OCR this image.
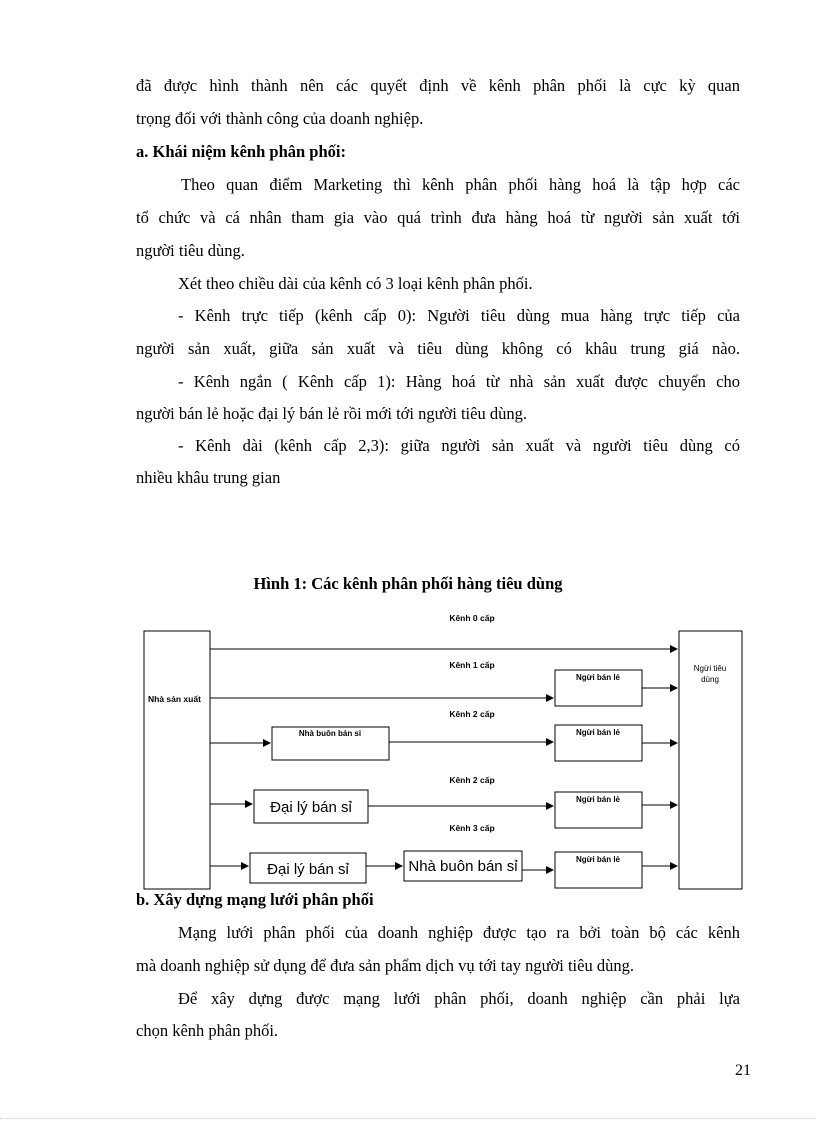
đã được hình thành nên các quyết định về kênh phân phối là cực kỳ quan

trọng đối với thành công của doanh nghiệp.

a. Khái niệm kênh phân phối:

Theo quan điểm Marketing thì kênh phân phối hàng hoá là tập hợp các

tổ chức và cá nhân tham gia vào quá trình đưa hàng hoá từ người sản xuất tới

người tiêu dùng.

Xét theo chiều dài của kênh có 3 loại kênh phân phối.

- Kênh trực tiếp (kênh cấp 0): Người tiêu dùng mua hàng trực tiếp của

người sản xuất, giữa sản xuất và tiêu dùng không có khâu trung giá nào.

- Kênh ngắn ( Kênh cấp 1): Hàng hoá từ nhà sản xuất được chuyển cho

người bán lẻ hoặc đại lý bán lẻ rồi mới tới người tiêu dùng.

- Kênh dài (kênh cấp 2,3): giữa người sản xuất và người tiêu dùng có

nhiều khâu trung gian

Hình 1: Các kênh phân phối hàng tiêu dùng
Nhà sản xuất
Ngừi tiêu
dùng
Kênh 0 cấp
Kênh 1 cấp
Kênh 2 cấp
Kênh 2 cấp
Kênh 3 cấp
Ngừi bán lẻ
Nhà buôn bán sỉ	Ngừi bán lẻ
Đại lý bán sỉ	Ngừi bán lẻ
Đại lý bán sỉ	Nhà buôn bán sỉ	Ngừi bán lẻ

b. Xây dựng mạng lưới phân phối

Mạng lưới phân phối của doanh nghiệp được tạo ra bởi toàn bộ các kênh

mà doanh nghiệp sử dụng để đưa sản phẩm dịch vụ tới tay người tiêu dùng.

Để xây dựng được mạng lưới phân phối, doanh nghiệp cần phải lựa

chọn kênh phân phối.

21
